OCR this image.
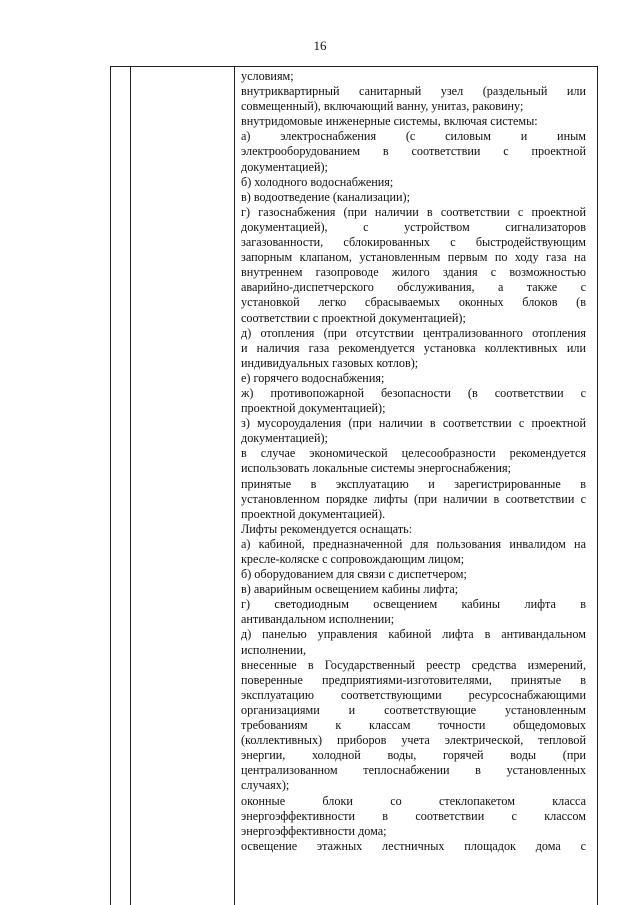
16
условиям;
внутриквартирный санитарный узел (раздельный или
совмещенный), включающий ванну, унитаз, раковину;
внутридомовые инженерные системы, включая системы:
а) электроснабжения (с силовым и иным
электрооборудованием в соответствии с проектной
документацией);
б) холодного водоснабжения;
в) водоотведение (канализации);
г) газоснабжения (при наличии в соответствии с проектной
документацией), с устройством сигнализаторов
загазованности, сблокированных с быстродействующим
запорным клапаном, установленным первым по ходу газа на
внутреннем газопроводе жилого здания с возможностью
аварийно-диспетчерского обслуживания, а также с
установкой легко сбрасываемых оконных блоков (в
соответствии с проектной документацией);
д) отопления (при отсутствии централизованного отопления
и наличия газа рекомендуется установка коллективных или
индивидуальных газовых котлов);
е) горячего водоснабжения;
ж) противопожарной безопасности (в соответствии с
проектной документацией);
з) мусороудаления (при наличии в соответствии с проектной
документацией);
в случае экономической целесообразности рекомендуется
использовать локальные системы энергоснабжения;
принятые в эксплуатацию и зарегистрированные в
установленном порядке лифты (при наличии в соответствии с
проектной документацией).
Лифты рекомендуется оснащать:
а) кабиной, предназначенной для пользования инвалидом на
кресле-коляске с сопровождающим лицом;
б) оборудованием для связи с диспетчером;
в) аварийным освещением кабины лифта;
г) светодиодным освещением кабины лифта в
антивандальном исполнении;
д) панелью управления кабиной лифта в антивандальном
исполнении,
внесенные в Государственный реестр средства измерений,
поверенные предприятиями-изготовителями, принятые в
эксплуатацию соответствующими ресурсоснабжающими
организациями и соответствующие установленным
требованиям к классам точности общедомовых
(коллективных) приборов учета электрической, тепловой
энергии, холодной воды, горячей воды (при
централизованном теплоснабжении в установленных
случаях);
оконные блоки со стеклопакетом класса
энергоэффективности в соответствии с классом
энергоэффективности дома;
освещение этажных лестничных площадок дома с
